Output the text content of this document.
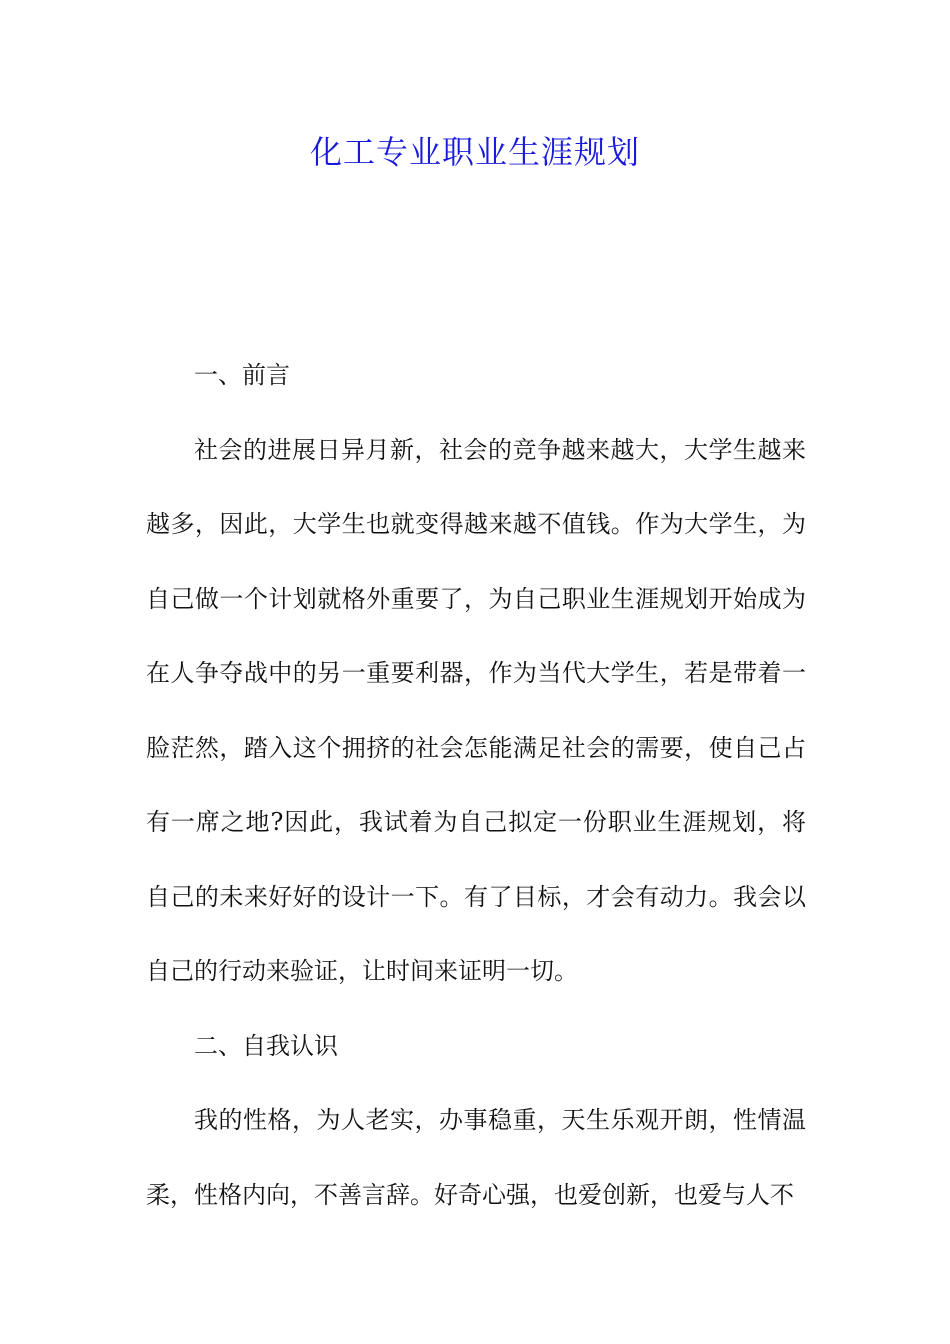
化工专业职业生涯规划
一、前言

社会的进展日异月新，社会的竞争越来越大，大学生越来越多，因此，大学生也就变得越来越不值钱。作为大学生，为自己做一个计划就格外重要了，为自己职业生涯规划开始成为在人争夺战中的另一重要利器，作为当代大学生，若是带着一脸茫然，踏入这个拥挤的社会怎能满足社会的需要，使自己占有一席之地?因此，我试着为自己拟定一份职业生涯规划，将自己的未来好好的设计一下。有了目标，才会有动力。我会以自己的行动来验证，让时间来证明一切。

二、自我认识

我的性格，为人老实，办事稳重，天生乐观开朗，性情温柔，性格内向，不善言辞。好奇心强，也爱创新，也爱与人不
